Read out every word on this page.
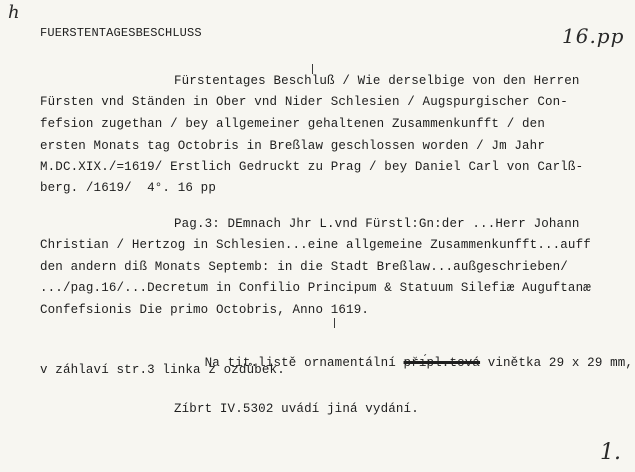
h
FUERSTENTAGESBESCHLUSS	16.pp
Fürstentages Beschluß / Wie derselbige von den Herren
Fürsten vnd Ständen in Ober vnd Nider Schlesien / Augspurgischer Con-
fefsion zugethan / bey allgemeiner gehaltenen Zusammenkunfft / den
ersten Monats tag Octobris in Breßlaw geschlossen worden / Jm Jahr
M.DC.XIX./=1619/ Erstlich Gedruckt zu Prag / bey Daniel Carl von Carlß-
berg. /1619/  4°. 16 pp
Pag.3: DEmnach Jhr L.vnd Fürstl:Gn:der ...Herr Johann
Christian / Hertzog in Schlesien...eine allgemeine Zusammenkunfft...auff
den andern diß Monats Septemb: in die Stadt Breßlaw...außgeschrieben/
.../pag.16/...Decretum in Confilio Principum & Statuum Silefiæ Auguftanæ
Confefsionis Die primo Octobris, Anno 1619.

Na tit.listě ornamentální pr̆ı́pl.tová vinětka 29 x 29 mm,

v záhlaví str.3 linka z ozdůbek.
Zíbrt IV.5302 uvádí jiná vydání.
1.
